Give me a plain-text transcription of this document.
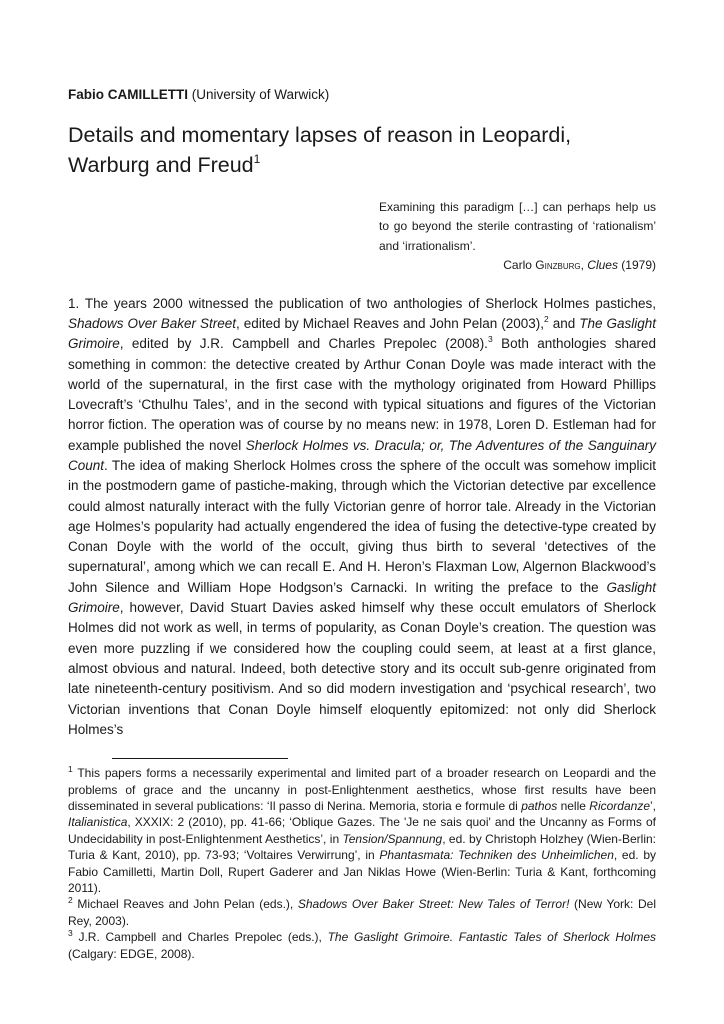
Fabio CAMILLETTI (University of Warwick)
Details and momentary lapses of reason in Leopardi, Warburg and Freud$^1$
Examining this paradigm […] can perhaps help us to go beyond the sterile contrasting of ‘rationalism’ and ‘irrationalism’.
Carlo Ginzburg, Clues (1979)

1. The years 2000 witnessed the publication of two anthologies of Sherlock Holmes pastiches, Shadows Over Baker Street, edited by Michael Reaves and John Pelan (2003),$^2$ and The Gaslight Grimoire, edited by J.R. Campbell and Charles Prepolec (2008).$^3$ Both anthologies shared something in common: the detective created by Arthur Conan Doyle was made interact with the world of the supernatural, in the first case with the mythology originated from Howard Phillips Lovecraft’s ‘Cthulhu Tales’, and in the second with typical situations and figures of the Victorian horror fiction. The operation was of course by no means new: in 1978, Loren D. Estleman had for example published the novel Sherlock Holmes vs. Dracula; or, The Adventures of the Sanguinary Count. The idea of making Sherlock Holmes cross the sphere of the occult was somehow implicit in the postmodern game of pastiche-making, through which the Victorian detective par excellence could almost naturally interact with the fully Victorian genre of horror tale. Already in the Victorian age Holmes’s popularity had actually engendered the idea of fusing the detective-type created by Conan Doyle with the world of the occult, giving thus birth to several ‘detectives of the supernatural’, among which we can recall E. And H. Heron’s Flaxman Low, Algernon Blackwood’s John Silence and William Hope Hodgson’s Carnacki. In writing the preface to the Gaslight Grimoire, however, David Stuart Davies asked himself why these occult emulators of Sherlock Holmes did not work as well, in terms of popularity, as Conan Doyle’s creation. The question was even more puzzling if we considered how the coupling could seem, at least at a first glance, almost obvious and natural. Indeed, both detective story and its occult sub-genre originated from late nineteenth-century positivism. And so did modern investigation and ‘psychical research’, two Victorian inventions that Conan Doyle himself eloquently epitomized: not only did Sherlock Holmes’s

$^1$ This papers forms a necessarily experimental and limited part of a broader research on Leopardi and the problems of grace and the uncanny in post-Enlightenment aesthetics, whose first results have been disseminated in several publications: ‘Il passo di Nerina. Memoria, storia e formule di pathos nelle Ricordanze’, Italianistica, XXXIX: 2 (2010), pp. 41-66; ‘Oblique Gazes. The 'Je ne sais quoi' and the Uncanny as Forms of Undecidability in post-Enlightenment Aesthetics’, in Tension/Spannung, ed. by Christoph Holzhey (Wien-Berlin: Turia & Kant, 2010), pp. 73-93; ‘Voltaires Verwirrung’, in Phantasmata: Techniken des Unheimlichen, ed. by Fabio Camilletti, Martin Doll, Rupert Gaderer and Jan Niklas Howe (Wien-Berlin: Turia & Kant, forthcoming 2011).

$^2$ Michael Reaves and John Pelan (eds.), Shadows Over Baker Street: New Tales of Terror! (New York: Del Rey, 2003).

$^3$ J.R. Campbell and Charles Prepolec (eds.), The Gaslight Grimoire. Fantastic Tales of Sherlock Holmes (Calgary: EDGE, 2008).
